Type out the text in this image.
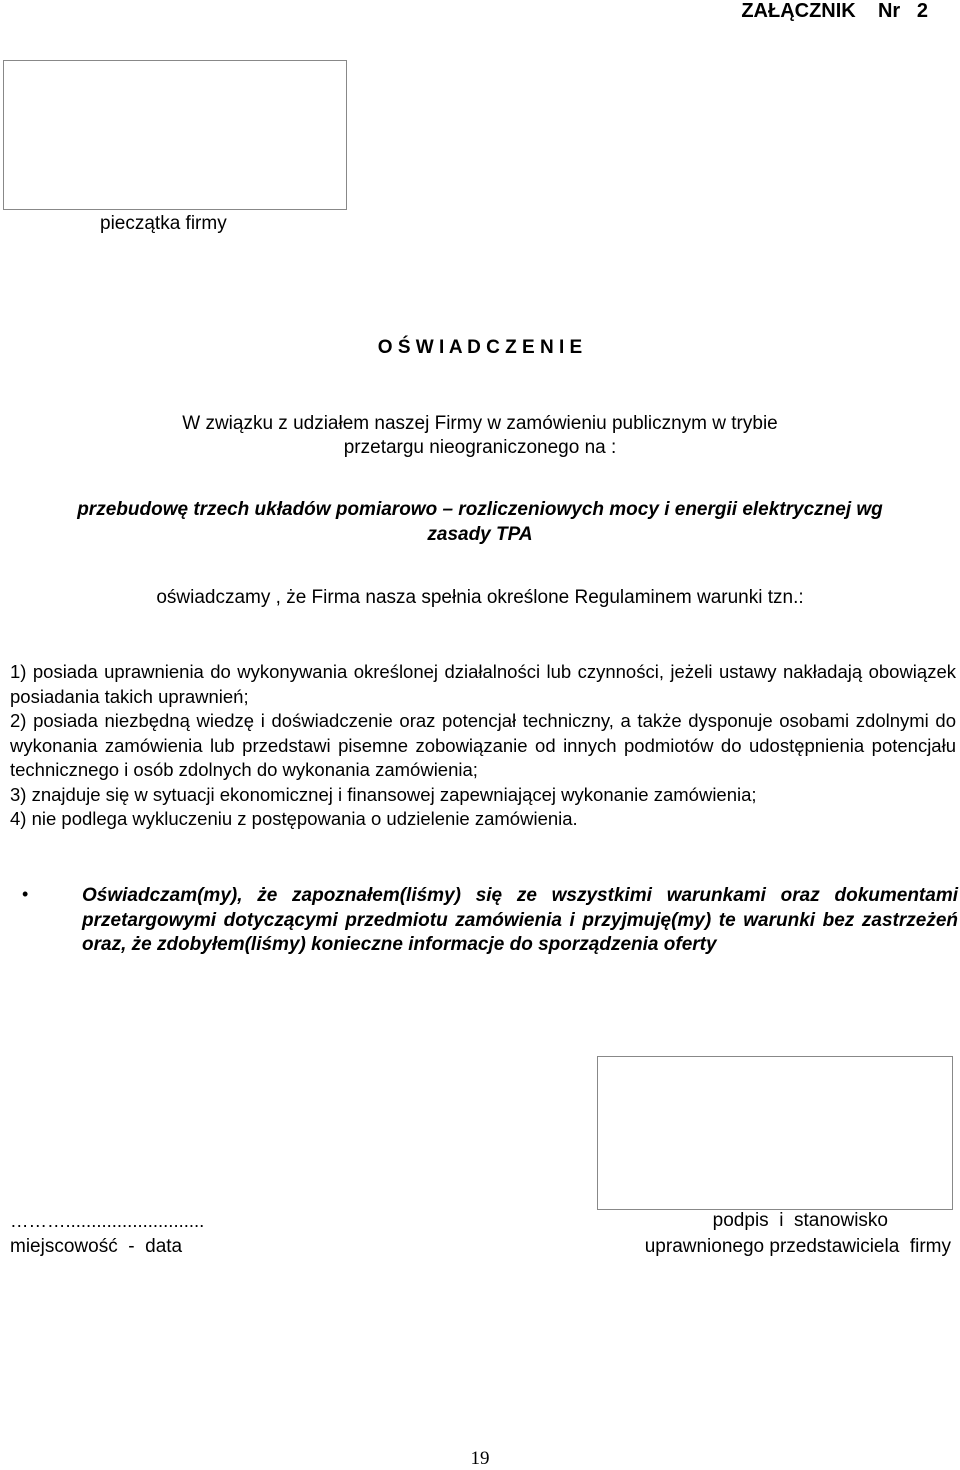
ZAŁĄCZNIK    Nr   2
pieczątka firmy
O Ś W I A D C Z E N I E
W związku z udziałem naszej Firmy w zamówieniu publicznym w trybie
przetargu nieograniczonego na :
przebudowę trzech układów pomiarowo – rozliczeniowych mocy i energii elektrycznej wg
zasady TPA
oświadczamy , że Firma nasza spełnia określone Regulaminem warunki tzn.:
1) posiada uprawnienia do wykonywania określonej działalności lub czynności, jeżeli ustawy nakładają obowiązek posiadania takich uprawnień;
2) posiada niezbędną wiedzę i doświadczenie oraz potencjał techniczny, a także dysponuje osobami zdolnymi do wykonania zamówienia lub przedstawi pisemne zobowiązanie od innych podmiotów do udostępnienia potencjału technicznego i osób zdolnych do wykonania zamówienia;
3) znajduje się w sytuacji ekonomicznej i finansowej zapewniającej wykonanie zamówienia;
4) nie podlega wykluczeniu z postępowania o udzielenie zamówienia.
•	Oświadczam(my), że zapoznałem(liśmy) się ze wszystkimi warunkami oraz dokumentami przetargowymi dotyczącymi przedmiotu zamówienia i przyjmuję(my) te warunki bez zastrzeżeń oraz, że zdobyłem(liśmy) konieczne informacje do sporządzenia oferty
………...........................
miejscowość  -  data
podpis  i  stanowisko
uprawnionego przedstawiciela  firmy
19
